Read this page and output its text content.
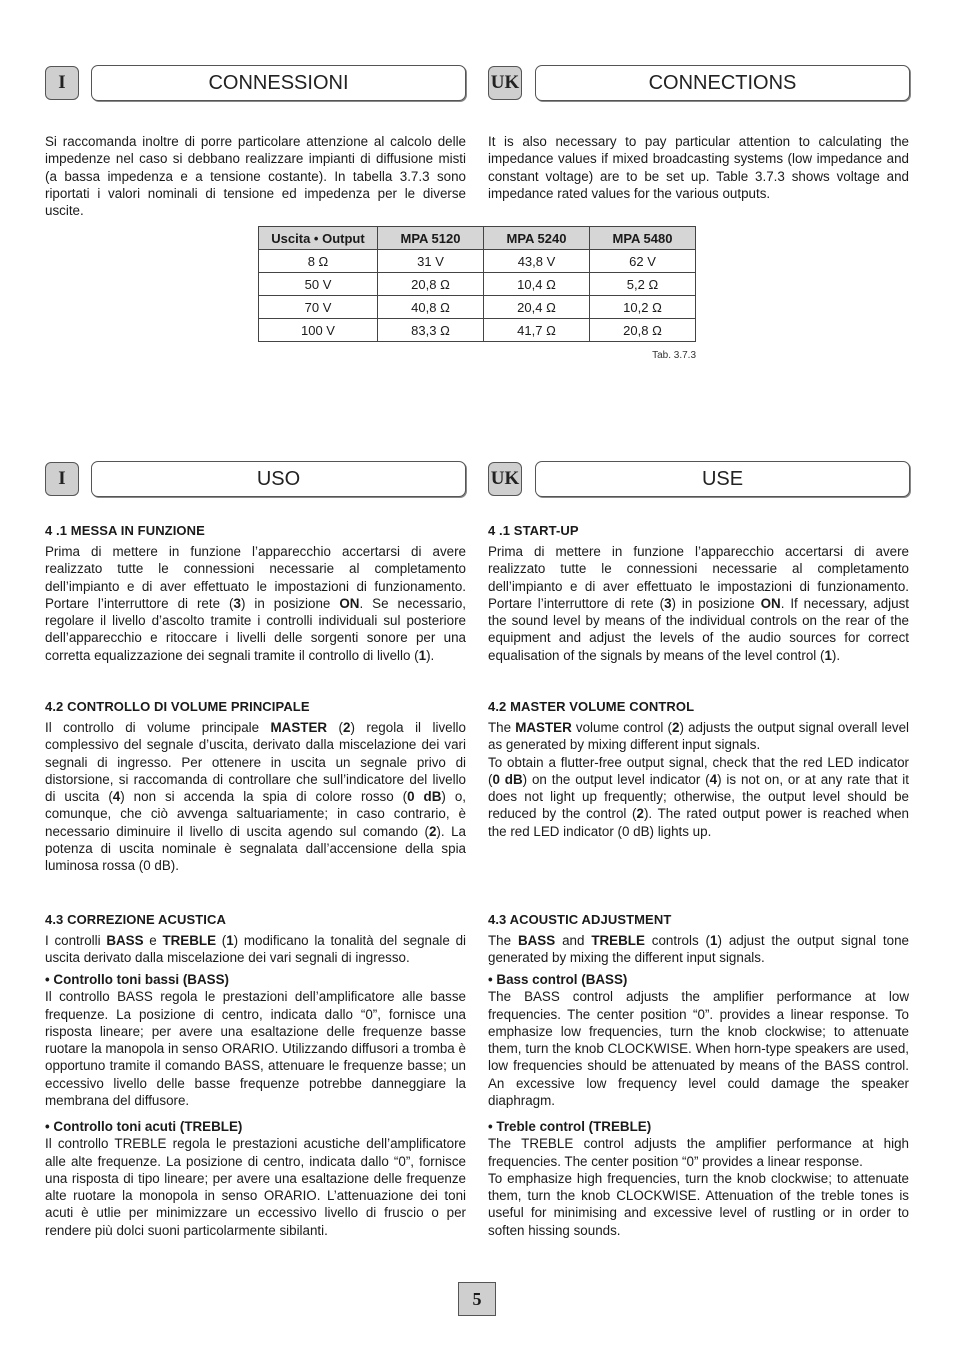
I	CONNESSIONI	UK	CONNECTIONS

Si raccomanda inoltre di porre particolare attenzione al calcolo delle impedenze nel caso si debbano realizzare impianti di diffusione misti (a bassa impedenza e a tensione costante). In tabella 3.7.3 sono riportati i valori nominali di tensione ed impedenza per le diverse uscite.

It is also necessary to pay particular attention to calculating the impedance values if mixed broadcasting systems (low impedance and constant voltage) are to be set up. Table 3.7.3 shows voltage and impedance rated values for the various outputs.

Uscita • Output	MPA 5120	MPA 5240	MPA 5480
8 Ω	31 V	43,8 V	62 V
50 V	20,8 Ω	10,4 Ω	5,2 Ω
70 V	40,8 Ω	20,4 Ω	10,2 Ω
100 V	83,3 Ω	41,7 Ω	20,8 Ω
Tab. 3.7.3
I	USO	UK	USE
4 .1 MESSA IN FUNZIONE	4 .1 START-UP

Prima di mettere in funzione l’apparecchio accertarsi di avere realizzato tutte le connessioni necessarie al completamento dell’impianto e di aver effettuato le impostazioni di funzionamento. Portare l’interruttore di rete (3) in posizione ON. Se necessario, regolare il livello d’ascolto tramite i controlli individuali sul posteriore dell’apparecchio e ritoccare i livelli delle sorgenti sonore per una corretta equalizzazione dei segnali tramite il controllo di livello (1).

Prima di mettere in funzione l’apparecchio accertarsi di avere realizzato tutte le connessioni necessarie al completamento dell’impianto e di aver effettuato le impostazioni di funzionamento. Portare l’interruttore di rete (3) in posizione ON. If necessary, adjust the sound level by means of the individual controls on the rear of the equipment and adjust the levels of the audio sources for correct equalisation of the signals by means of the level control (1).

4.2 CONTROLLO DI VOLUME PRINCIPALE	4.2 MASTER VOLUME CONTROL

Il controllo di volume principale MASTER (2) regola il livello complessivo del segnale d’uscita, derivato dalla miscelazione dei vari segnali di ingresso. Per ottenere in uscita un segnale privo di distorsione, si raccomanda di controllare che sull’indicatore del livello di uscita (4) non si accenda la spia di colore rosso (0 dB) o, comunque, che ciò avvenga saltuariamente; in caso contrario, è necessario diminuire il livello di uscita agendo sul comando (2). La potenza di uscita nominale è segnalata dall’accensione della spia luminosa rossa (0 dB).

The MASTER volume control (2) adjusts the output signal overall level as generated by mixing different input signals.
To obtain a flutter-free output signal, check that the red LED indicator (0 dB) on the output level indicator (4) is not on, or at any rate that it does not light up frequently; otherwise, the output level should be reduced by the control (2). The rated output power is reached when the red LED indicator (0 dB) lights up.

4.3 CORREZIONE ACUSTICA	4.3 ACOUSTIC ADJUSTMENT

I controlli BASS e TREBLE (1) modificano la tonalità del segnale di uscita derivato dalla miscelazione dei vari segnali di ingresso.

The BASS and TREBLE controls (1) adjust the output signal tone generated by mixing the different input signals.

• Controllo toni bassi (BASS)
Il controllo BASS regola le prestazioni dell’amplificatore alle basse frequenze. La posizione di centro, indicata dallo “0”, fornisce una risposta lineare; per avere una esaltazione delle frequenze basse ruotare la manopola in senso ORARIO. Utilizzando diffusori a tromba è opportuno tramite il comando BASS, attenuare le frequenze basse; un eccessivo livello delle basse frequenze potrebbe danneggiare la membrana del diffusore.

• Bass control (BASS)
The BASS control adjusts the amplifier performance at low frequencies. The center position “0”. provides a linear response. To emphasize low frequencies, turn the knob clockwise; to attenuate them, turn the knob CLOCKWISE. When horn-type speakers are used, low frequencies should be attenuated by means of the BASS control. An excessive low frequency level could damage the speaker diaphragm.

• Controllo toni acuti (TREBLE)
Il controllo TREBLE regola le prestazioni acustiche dell’amplificatore alle alte frequenze. La posizione di centro, indicata dallo “0”, fornisce una risposta di tipo lineare; per avere una esaltazione delle frequenze alte ruotare la monopola in senso ORARIO. L’attenuazione dei toni acuti è utlie per minimizzare un eccessivo livello di fruscio o per rendere più dolci suoni particolarmente sibilanti.

• Treble control (TREBLE)
The TREBLE control adjusts the amplifier performance at high frequencies. The center position “0” provides a linear response.
To emphasize high frequencies, turn the knob clockwise; to attenuate them, turn the knob CLOCKWISE. Attenuation of the treble tones is useful for minimising and excessive level of rustling or in order to soften hissing sounds.

5
